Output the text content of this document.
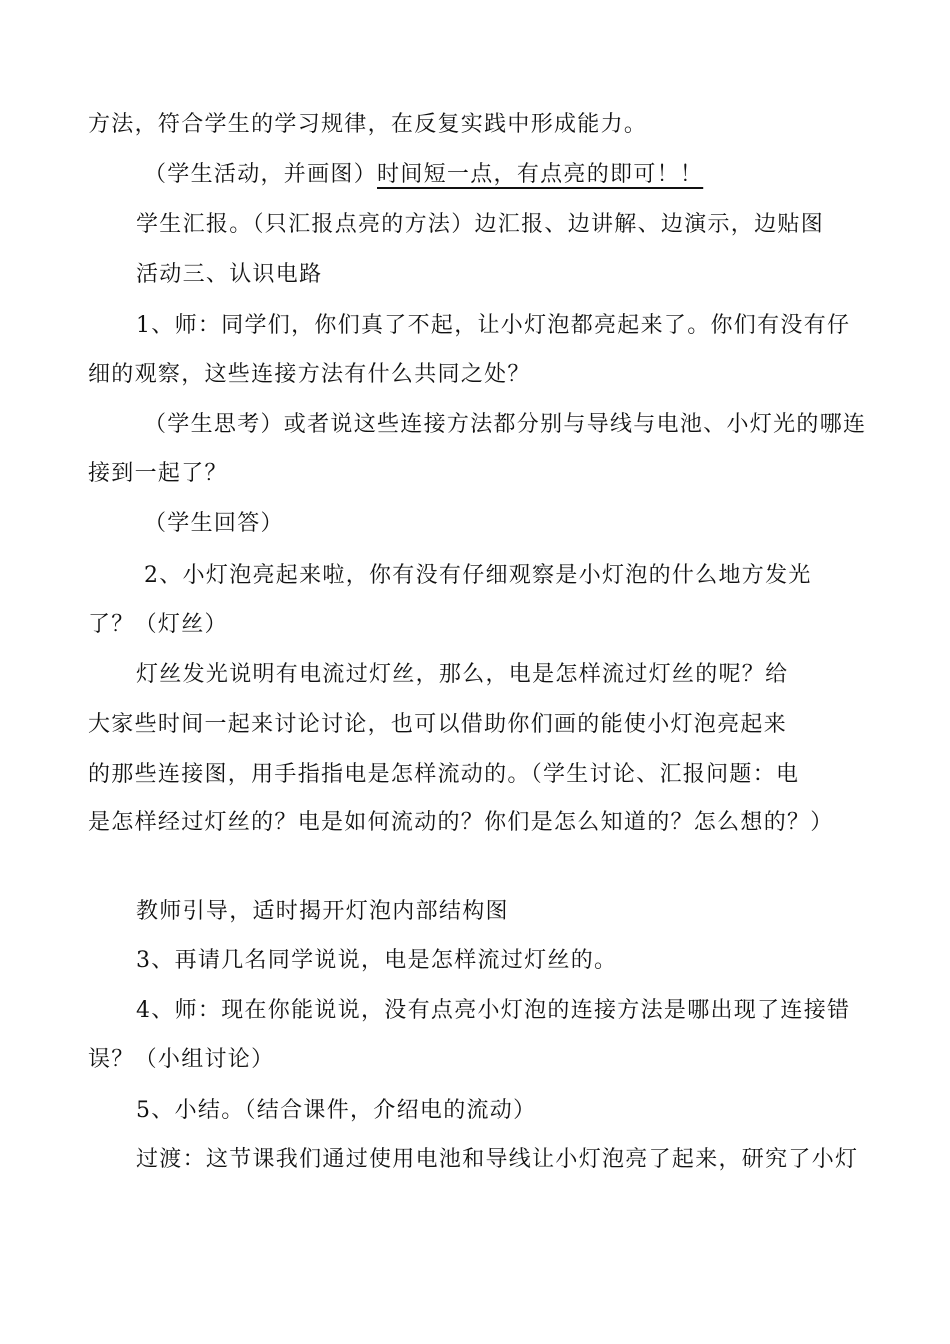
方法，符合学生的学习规律，在反复实践中形成能力。
（学生活动，并画图）时间短一点，有点亮的即可！！
学生汇报。（只汇报点亮的方法）边汇报、边讲解、边演示，边贴图
活动三、认识电路
1、师：同学们，你们真了不起，让小灯泡都亮起来了。你们有没有仔
细的观察，这些连接方法有什么共同之处？
（学生思考）或者说这些连接方法都分别与导线与电池、小灯光的哪连
接到一起了？
（学生回答）
2、小灯泡亮起来啦，你有没有仔细观察是小灯泡的什么地方发光
了？（灯丝）
灯丝发光说明有电流过灯丝，那么，电是怎样流过灯丝的呢？给
大家些时间一起来讨论讨论，也可以借助你们画的能使小灯泡亮起来
的那些连接图，用手指指电是怎样流动的。（学生讨论、汇报问题：电
是怎样经过灯丝的？电是如何流动的？你们是怎么知道的？怎么想的？）
教师引导，适时揭开灯泡内部结构图
3、再请几名同学说说，电是怎样流过灯丝的。
4、师：现在你能说说，没有点亮小灯泡的连接方法是哪出现了连接错
误？（小组讨论）
5、小结。（结合课件，介绍电的流动）
过渡：这节课我们通过使用电池和导线让小灯泡亮了起来，研究了小灯
